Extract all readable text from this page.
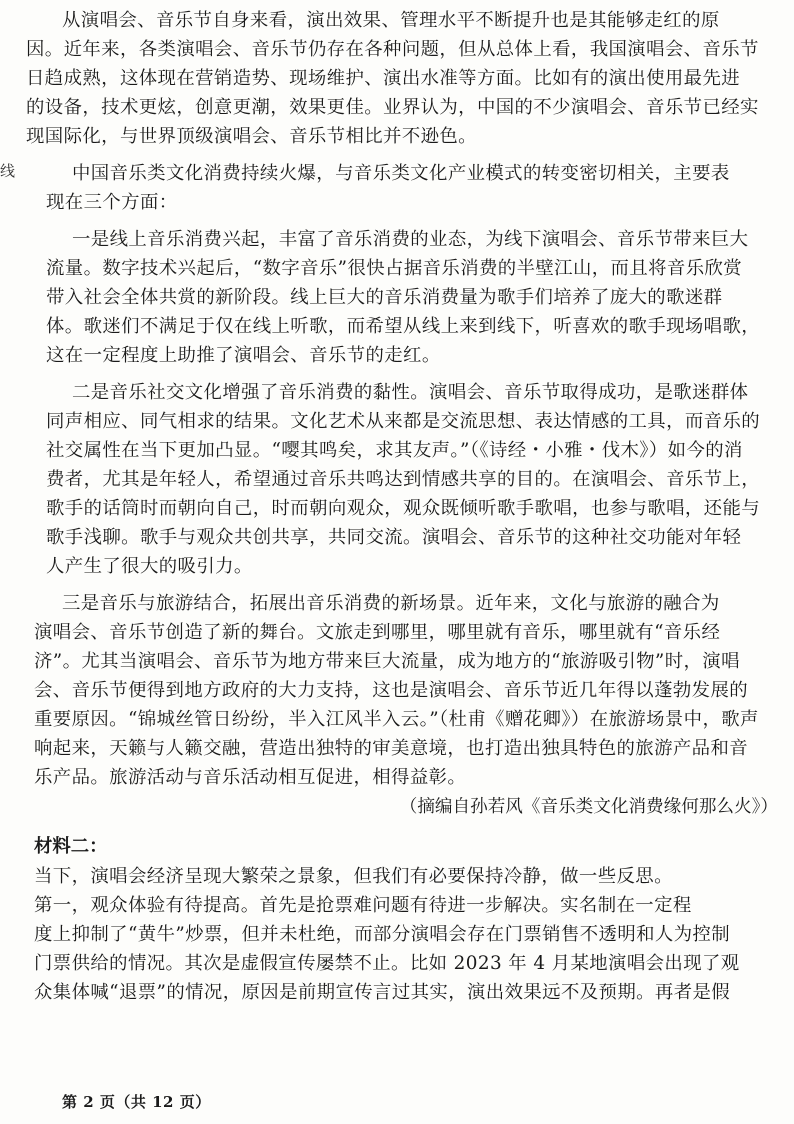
线
从演唱会、音乐节自身来看，演出效果、管理水平不断提升也是其能够走红的原
因。近年来，各类演唱会、音乐节仍存在各种问题，但从总体上看，我国演唱会、音乐节
日趋成熟，这体现在营销造势、现场维护、演出水准等方面。比如有的演出使用最先进
的设备，技术更炫，创意更潮，效果更佳。业界认为，中国的不少演唱会、音乐节已经实
现国际化，与世界顶级演唱会、音乐节相比并不逊色。
中国音乐类文化消费持续火爆，与音乐类文化产业模式的转变密切相关，主要表
现在三个方面：
一是线上音乐消费兴起，丰富了音乐消费的业态，为线下演唱会、音乐节带来巨大
流量。数字技术兴起后，“数字音乐”很快占据音乐消费的半壁江山，而且将音乐欣赏
带入社会全体共赏的新阶段。线上巨大的音乐消费量为歌手们培养了庞大的歌迷群
体。歌迷们不满足于仅在线上听歌，而希望从线上来到线下，听喜欢的歌手现场唱歌，
这在一定程度上助推了演唱会、音乐节的走红。
二是音乐社交文化增强了音乐消费的黏性。演唱会、音乐节取得成功，是歌迷群体
同声相应、同气相求的结果。文化艺术从来都是交流思想、表达情感的工具，而音乐的
社交属性在当下更加凸显。“嘤其鸣矣，求其友声。”（《诗经・小雅・伐木》）如今的消
费者，尤其是年轻人，希望通过音乐共鸣达到情感共享的目的。在演唱会、音乐节上，
歌手的话筒时而朝向自己，时而朝向观众，观众既倾听歌手歌唱，也参与歌唱，还能与
歌手浅聊。歌手与观众共创共享，共同交流。演唱会、音乐节的这种社交功能对年轻
人产生了很大的吸引力。
三是音乐与旅游结合，拓展出音乐消费的新场景。近年来，文化与旅游的融合为
演唱会、音乐节创造了新的舞台。文旅走到哪里，哪里就有音乐，哪里就有“音乐经
济”。尤其当演唱会、音乐节为地方带来巨大流量，成为地方的“旅游吸引物”时，演唱
会、音乐节便得到地方政府的大力支持，这也是演唱会、音乐节近几年得以蓬勃发展的
重要原因。“锦城丝管日纷纷，半入江风半入云。”（杜甫《赠花卿》）在旅游场景中，歌声
响起来，天籁与人籁交融，营造出独特的审美意境，也打造出独具特色的旅游产品和音
乐产品。旅游活动与音乐活动相互促进，相得益彰。
（摘编自孙若风《音乐类文化消费缘何那么火》）
材料二：
当下，演唱会经济呈现大繁荣之景象，但我们有必要保持冷静，做一些反思。
第一，观众体验有待提高。首先是抢票难问题有待进一步解决。实名制在一定程
度上抑制了“黄牛”炒票，但并未杜绝，而部分演唱会存在门票销售不透明和人为控制
门票供给的情况。其次是虚假宣传屡禁不止。比如 2023 年 4 月某地演唱会出现了观
众集体喊“退票”的情况，原因是前期宣传言过其实，演出效果远不及预期。再者是假
第 2 页（共 12 页）
